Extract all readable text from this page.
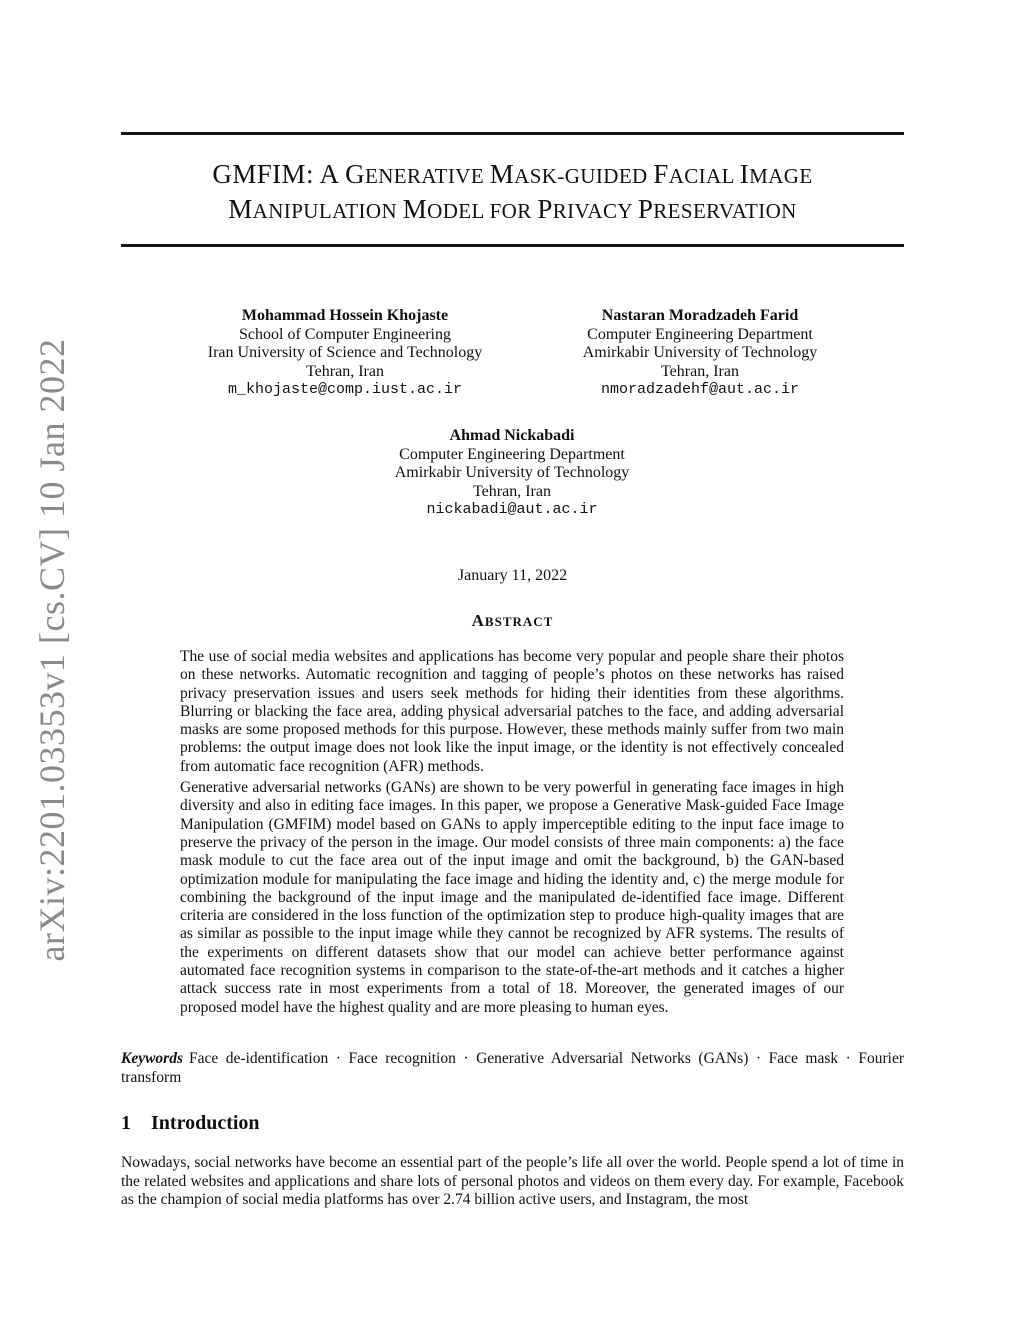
arXiv:2201.03353v1 [cs.CV] 10 Jan 2022
GMFIM: A GENERATIVE MASK-GUIDED FACIAL IMAGE
MANIPULATION MODEL FOR PRIVACY PRESERVATION
Mohammad Hossein Khojaste
School of Computer Engineering
Iran University of Science and Technology
Tehran, Iran
m_khojaste@comp.iust.ac.ir
Nastaran Moradzadeh Farid
Computer Engineering Department
Amirkabir University of Technology
Tehran, Iran
nmoradzadehf@aut.ac.ir
Ahmad Nickabadi
Computer Engineering Department
Amirkabir University of Technology
Tehran, Iran
nickabadi@aut.ac.ir
January 11, 2022
ABSTRACT

The use of social media websites and applications has become very popular and people share their photos on these networks. Automatic recognition and tagging of people’s photos on these networks has raised privacy preservation issues and users seek methods for hiding their identities from these algorithms. Blurring or blacking the face area, adding physical adversarial patches to the face, and adding adversarial masks are some proposed methods for this purpose. However, these methods mainly suffer from two main problems: the output image does not look like the input image, or the identity is not effectively concealed from automatic face recognition (AFR) methods.

Generative adversarial networks (GANs) are shown to be very powerful in generating face images in high diversity and also in editing face images. In this paper, we propose a Generative Mask-guided Face Image Manipulation (GMFIM) model based on GANs to apply imperceptible editing to the input face image to preserve the privacy of the person in the image. Our model consists of three main components: a) the face mask module to cut the face area out of the input image and omit the background, b) the GAN-based optimization module for manipulating the face image and hiding the identity and, c) the merge module for combining the background of the input image and the manipulated de-identified face image. Different criteria are considered in the loss function of the optimization step to produce high-quality images that are as similar as possible to the input image while they cannot be recognized by AFR systems. The results of the experiments on different datasets show that our model can achieve better performance against automated face recognition systems in comparison to the state-of-the-art methods and it catches a higher attack success rate in most experiments from a total of 18. Moreover, the generated images of our proposed model have the highest quality and are more pleasing to human eyes.

Keywords Face de-identification · Face recognition · Generative Adversarial Networks (GANs) · Face mask · Fourier transform
1 Introduction

Nowadays, social networks have become an essential part of the people’s life all over the world. People spend a lot of time in the related websites and applications and share lots of personal photos and videos on them every day. For example, Facebook as the champion of social media platforms has over 2.74 billion active users, and Instagram, the most
